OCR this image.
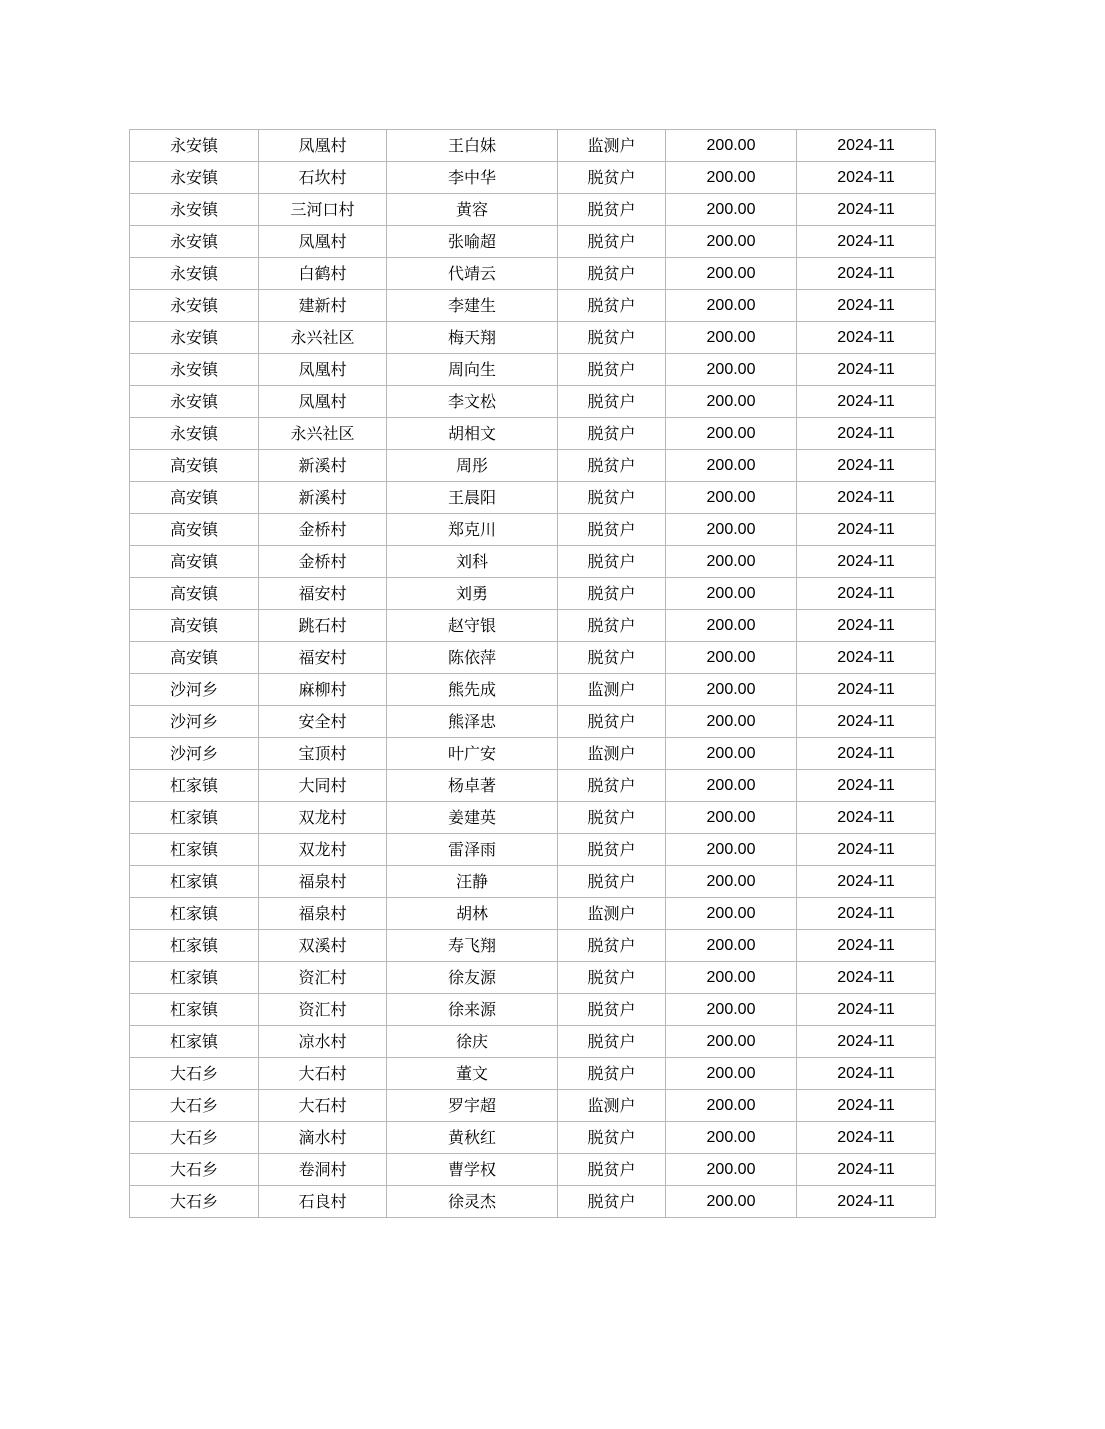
永安镇	凤凰村	王白妹	监测户	200.00	2024-11
永安镇	石坎村	李中华	脱贫户	200.00	2024-11
永安镇	三河口村	黄容	脱贫户	200.00	2024-11
永安镇	凤凰村	张喻超	脱贫户	200.00	2024-11
永安镇	白鹤村	代靖云	脱贫户	200.00	2024-11
永安镇	建新村	李建生	脱贫户	200.00	2024-11
永安镇	永兴社区	梅天翔	脱贫户	200.00	2024-11
永安镇	凤凰村	周向生	脱贫户	200.00	2024-11
永安镇	凤凰村	李文松	脱贫户	200.00	2024-11
永安镇	永兴社区	胡相文	脱贫户	200.00	2024-11
高安镇	新溪村	周彤	脱贫户	200.00	2024-11
高安镇	新溪村	王晨阳	脱贫户	200.00	2024-11
高安镇	金桥村	郑克川	脱贫户	200.00	2024-11
高安镇	金桥村	刘科	脱贫户	200.00	2024-11
高安镇	福安村	刘勇	脱贫户	200.00	2024-11
高安镇	跳石村	赵守银	脱贫户	200.00	2024-11
高安镇	福安村	陈依萍	脱贫户	200.00	2024-11
沙河乡	麻柳村	熊先成	监测户	200.00	2024-11
沙河乡	安全村	熊泽忠	脱贫户	200.00	2024-11
沙河乡	宝顶村	叶广安	监测户	200.00	2024-11
杠家镇	大同村	杨卓著	脱贫户	200.00	2024-11
杠家镇	双龙村	姜建英	脱贫户	200.00	2024-11
杠家镇	双龙村	雷泽雨	脱贫户	200.00	2024-11
杠家镇	福泉村	汪静	脱贫户	200.00	2024-11
杠家镇	福泉村	胡林	监测户	200.00	2024-11
杠家镇	双溪村	寿飞翔	脱贫户	200.00	2024-11
杠家镇	资汇村	徐友源	脱贫户	200.00	2024-11
杠家镇	资汇村	徐来源	脱贫户	200.00	2024-11
杠家镇	凉水村	徐庆	脱贫户	200.00	2024-11
大石乡	大石村	董文	脱贫户	200.00	2024-11
大石乡	大石村	罗宇超	监测户	200.00	2024-11
大石乡	滴水村	黄秋红	脱贫户	200.00	2024-11
大石乡	卷洞村	曹学权	脱贫户	200.00	2024-11
大石乡	石良村	徐灵杰	脱贫户	200.00	2024-11
